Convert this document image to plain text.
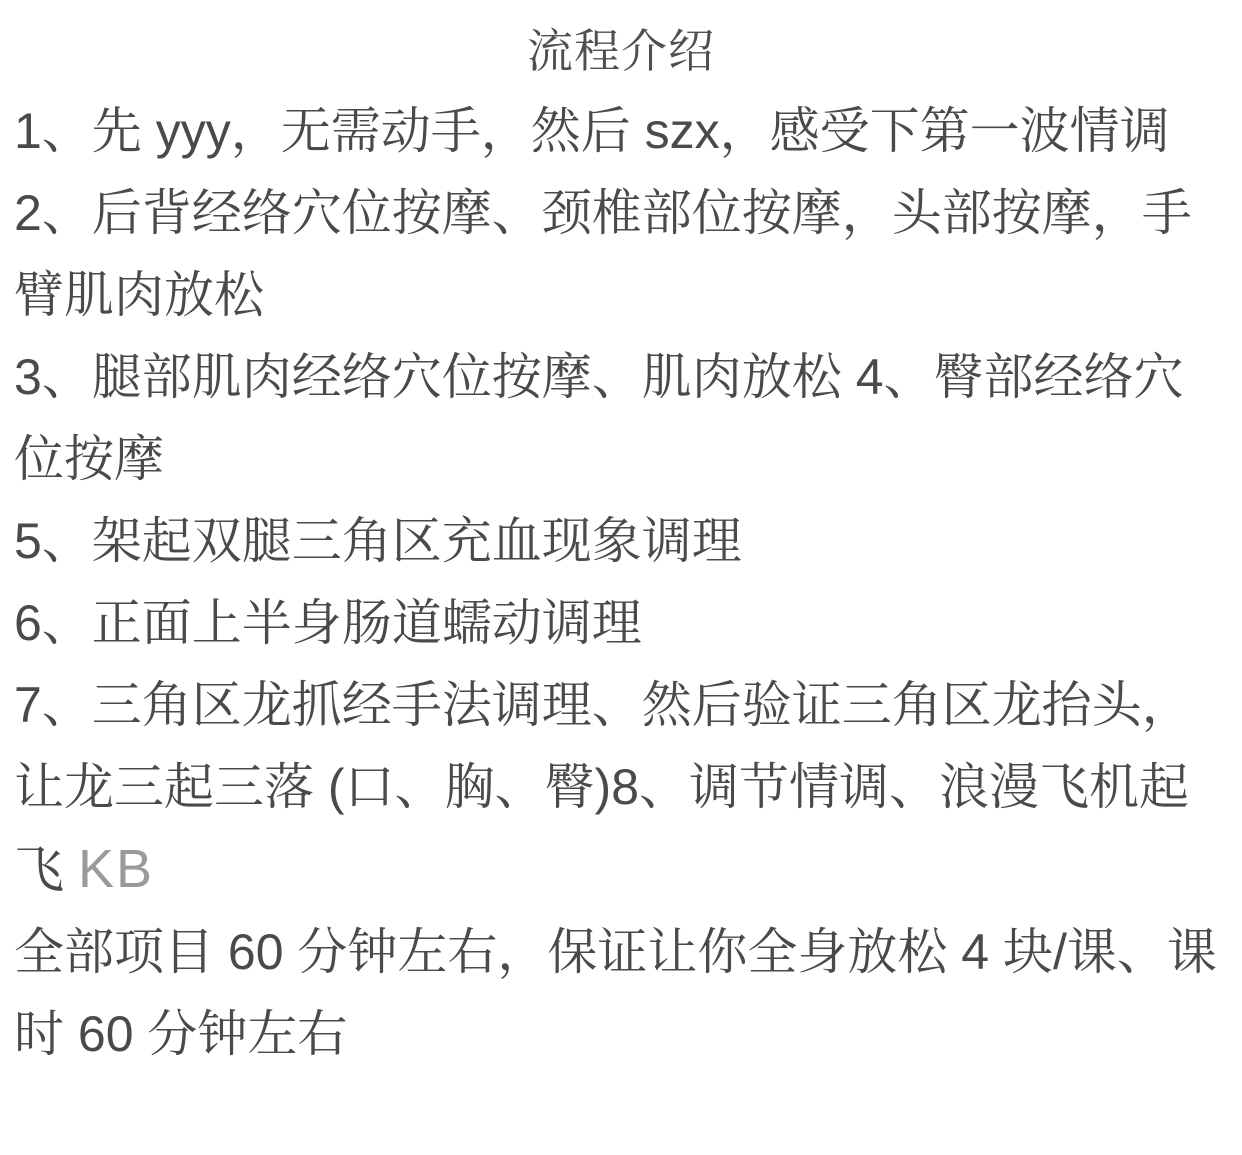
流程介绍

1、先 yyy，无需动手，然后 szx，感受下第一波情调

2、后背经络穴位按摩、颈椎部位按摩，头部按摩，手臂肌肉放松

3、腿部肌肉经络穴位按摩、肌肉放松 4、臀部经络穴位按摩

5、架起双腿三角区充血现象调理

6、正面上半身肠道蠕动调理

7、三角区龙抓经手法调理、然后验证三角区龙抬头，让龙三起三落 (口、胸、臀)8、调节情调、浪漫飞机起飞 KB

全部项目 60 分钟左右，保证让你全身放松 4 块/课、课时 60 分钟左右
